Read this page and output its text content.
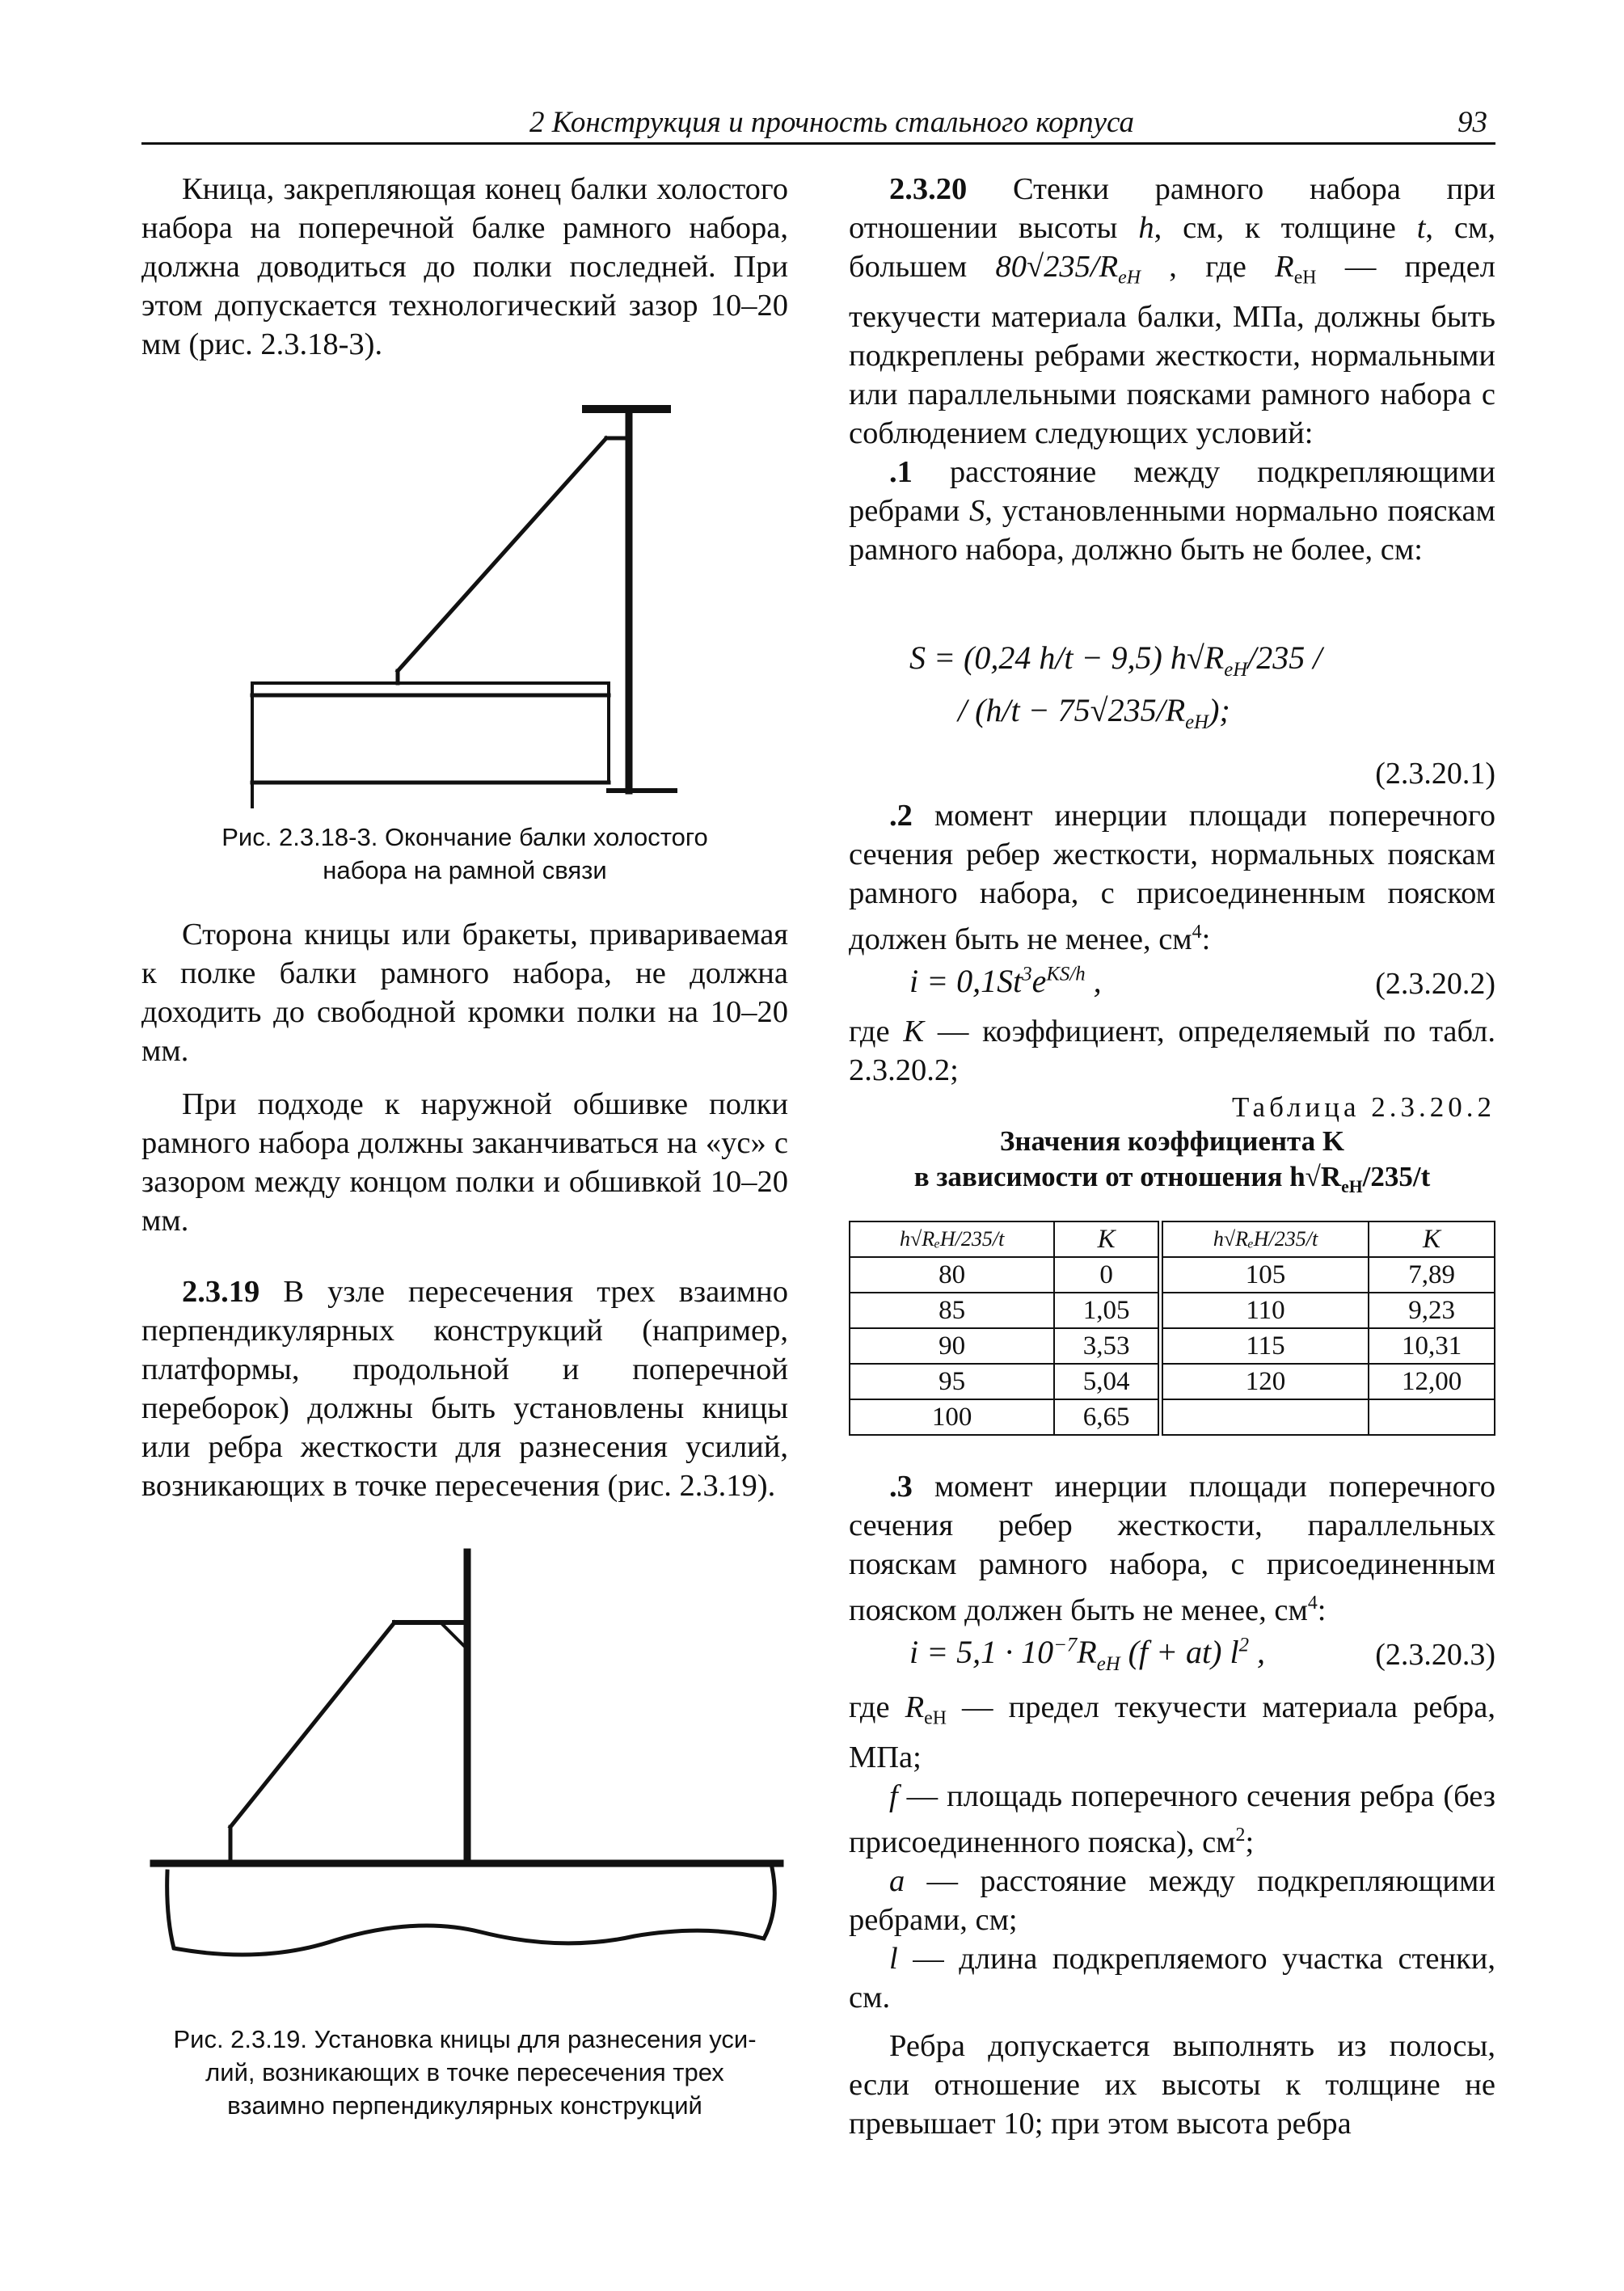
2 Конструкция и прочность стального корпуса	93

Кница, закрепляющая конец балки холостого набора на поперечной балке рамного набора, должна доводиться до полки последней. При этом допускается технологический зазор 10–20 мм (рис. 2.3.18-3).

Рис. 2.3.18-3. Окончание балки холостого
набора на рамной связи

Сторона кницы или бракеты, привариваемая к полке балки рамного набора, не должна доходить до свободной кромки полки на 10–20 мм.

При подходе к наружной обшивке полки рамного набора должны заканчиваться на «ус» с зазором между концом полки и обшивкой 10–20 мм.

2.3.19 В узле пересечения трех взаимно перпендикулярных конструкций (например, платформы, продольной и поперечной переборок) должны быть установлены кницы или ребра жесткости для разнесения усилий, возникающих в точке пересечения (рис. 2.3.19).

Рис. 2.3.19. Установка кницы для разнесения уси-
лий, возникающих в точке пересечения трех
взаимно перпендикулярных конструкций

2.3.20 Стенки рамного набора при отношении высоты h, см, к толщине t, см, большем $80√235/R_{eH}$ , где $R_{eH}$ — предел текучести материала балки, МПа, должны быть подкреплены ребрами жесткости, нормальными или параллельными поясками рамного набора с соблюдением следующих условий:

.1 расстояние между подкрепляющими ребрами S, установленными нормально пояскам рамного набора, должно быть не более, см:

S = (0,24 h/t − 9,5) $h√R_{eH}/235$ /
/ $(h/t - 75√235/R_{eH})$;
(2.3.20.1)

.2 момент инерции площади поперечного сечения ребер жесткости, нормальных пояскам рамного набора, с присоединенным пояском должен быть не менее, $см^4$:

$i = 0,1St^3e^{KS/h}$ ,	(2.3.20.2)

где K — коэффициент, определяемый по табл. 2.3.20.2;

Таблица 2.3.20.2
Значения коэффициента K
в зависимости от отношения $h√R_{eH}/235/t$
h√RₑH/235/t	K	h√RₑH/235/t	K
80	0	105	7,89
85	1,05	110	9,23
90	3,53	115	10,31
95	5,04	120	12,00
100	6,65		

.3 момент инерции площади поперечного сечения ребер жесткости, параллельных пояскам рамного набора, с присоединенным пояском должен быть не менее, $см^4$:

$i = 5,1 \cdot 10^{-7}R_{eH}$ (f + at) $l^2$ ,	(2.3.20.3)

где $R_{eH}$ — предел текучести материала ребра, МПа;

f — площадь поперечного сечения ребра (без присоединенного пояска), $см^2$;

a — расстояние между подкрепляющими ребрами, см;

l — длина подкрепляемого участка стенки, см.

Ребра допускается выполнять из полосы, если отношение их высоты к толщине не превышает 10; при этом высота ребра
